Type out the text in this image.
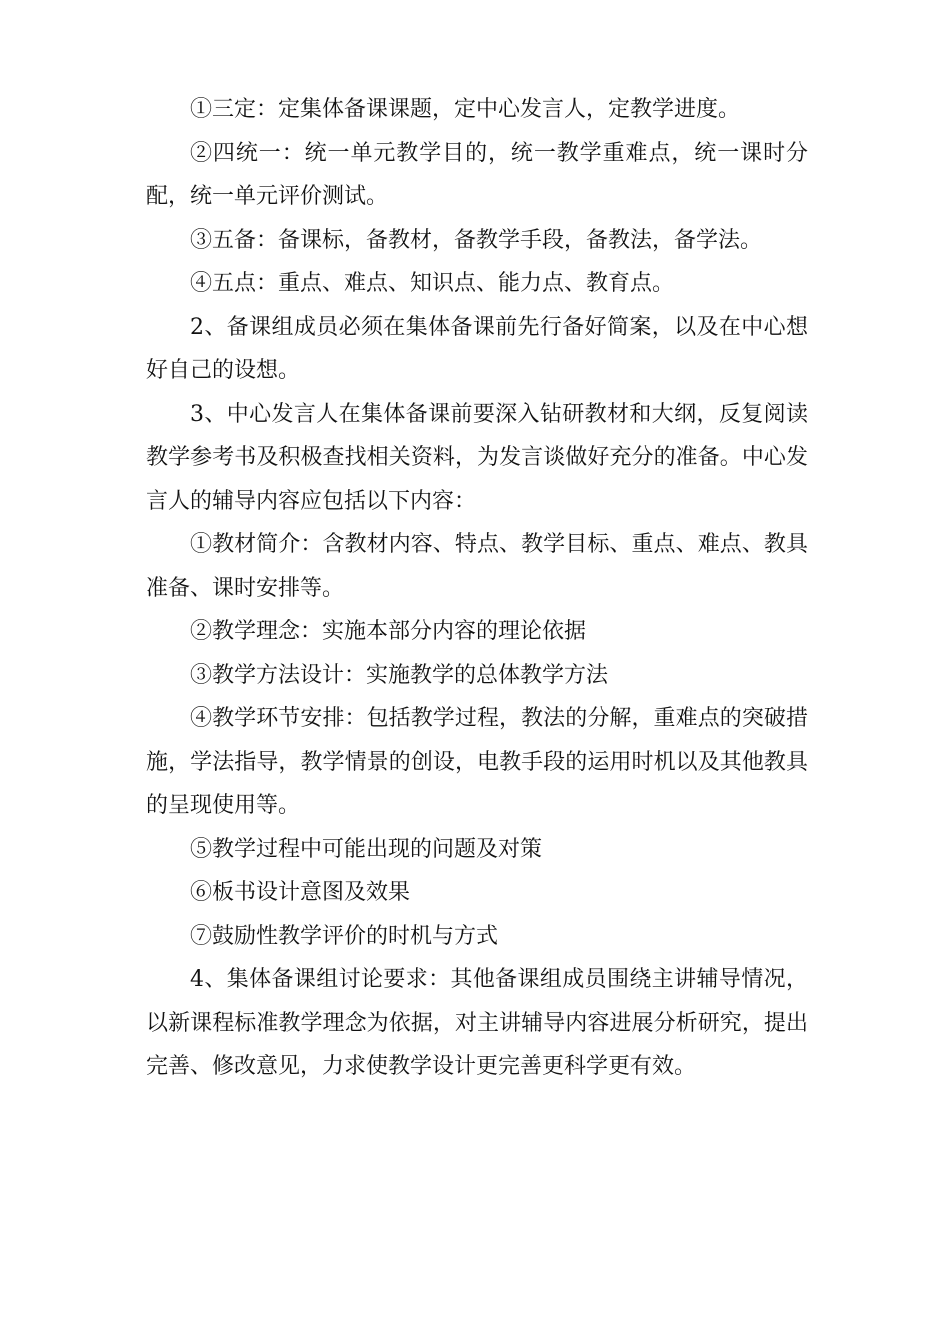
①三定：定集体备课课题，定中心发言人，定教学进度。

②四统一：统一单元教学目的，统一教学重难点，统一课时分配，统一单元评价测试。

③五备：备课标，备教材，备教学手段，备教法，备学法。

④五点：重点、难点、知识点、能力点、教育点。

2、备课组成员必须在集体备课前先行备好简案，以及在中心想好自己的设想。

3、中心发言人在集体备课前要深入钻研教材和大纲，反复阅读教学参考书及积极查找相关资料，为发言谈做好充分的准备。中心发言人的辅导内容应包括以下内容：

①教材简介：含教材内容、特点、教学目标、重点、难点、教具准备、课时安排等。

②教学理念：实施本部分内容的理论依据

③教学方法设计：实施教学的总体教学方法

④教学环节安排：包括教学过程，教法的分解，重难点的突破措施，学法指导，教学情景的创设，电教手段的运用时机以及其他教具的呈现使用等。

⑤教学过程中可能出现的问题及对策

⑥板书设计意图及效果

⑦鼓励性教学评价的时机与方式

4、集体备课组讨论要求：其他备课组成员围绕主讲辅导情况，以新课程标准教学理念为依据，对主讲辅导内容进展分析研究，提出完善、修改意见，力求使教学设计更完善更科学更有效。
